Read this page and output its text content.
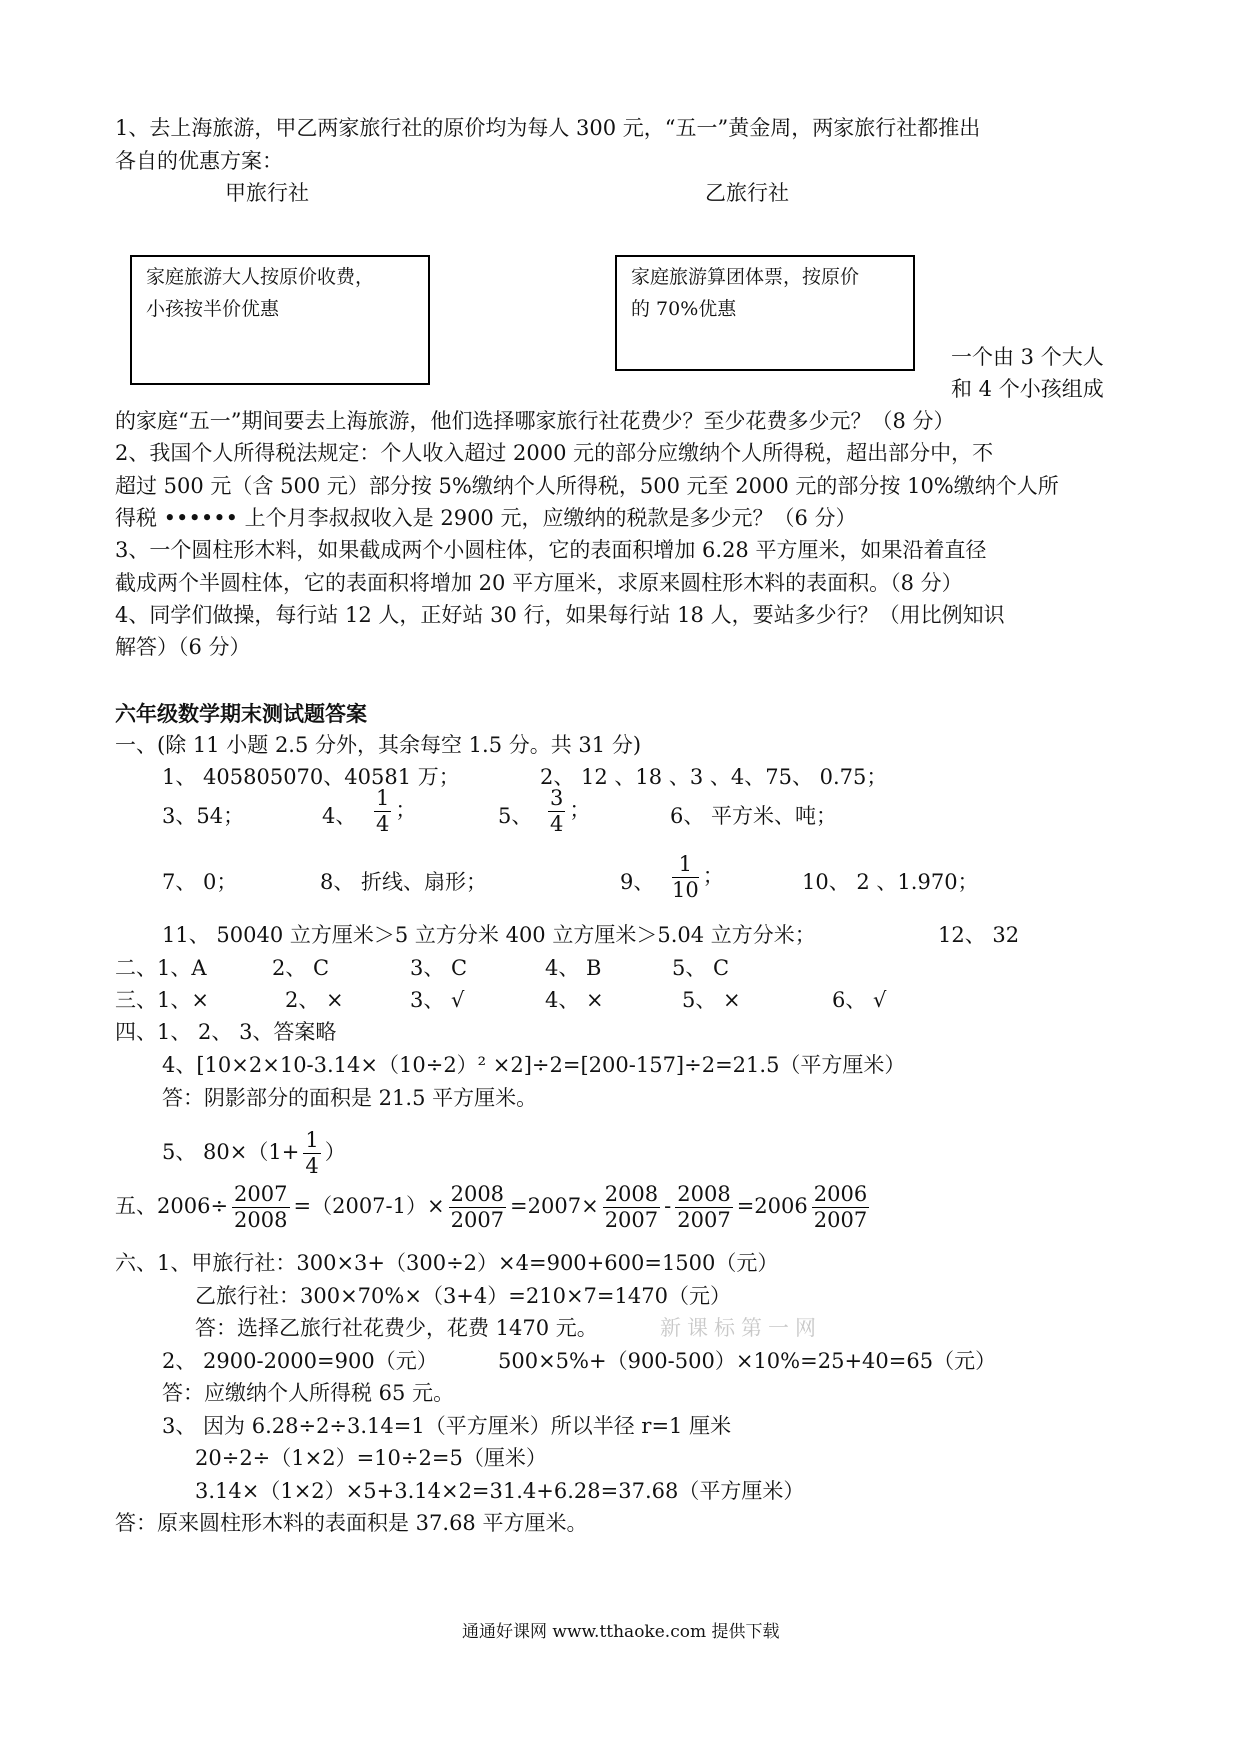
1、去上海旅游，甲乙两家旅行社的原价均为每人 300 元，“五一”黄金周，两家旅行社都推出
各自的优惠方案：
甲旅行社	乙旅行社
家庭旅游大人按原价收费，
小孩按半价优惠
家庭旅游算团体票，按原价
的 70%优惠
一个由 3 个大人
和 4 个小孩组成
的家庭“五一”期间要去上海旅游，他们选择哪家旅行社花费少？至少花费多少元？（8 分）
2、我国个人所得税法规定：个人收入超过 2000 元的部分应缴纳个人所得税，超出部分中，不
超过 500 元（含 500 元）部分按 5%缴纳个人所得税，500 元至 2000 元的部分按 10%缴纳个人所
得税 •••••• 上个月李叔叔收入是 2900 元，应缴纳的税款是多少元？（6 分）
3、一个圆柱形木料，如果截成两个小圆柱体，它的表面积增加 6.28 平方厘米，如果沿着直径
截成两个半圆柱体，它的表面积将增加 20 平方厘米，求原来圆柱形木料的表面积。（8 分）
4、同学们做操，每行站 12 人，正好站 30 行，如果每行站 18 人，要站多少行？（用比例知识
解答）（6 分）
六年级数学期末测试题答案
一、(除 11 小题 2.5 分外，其余每空 1.5 分。共 31 分)
1、 405805070、40581 万；	2、 12 、18 、3 、4、75、 0.75；
3、54；	4、 $\frac{1}{4}$ ；	5、 $\frac{3}{4}$ ；	6、 平方米、吨；
7、 0；	8、 折线、扇形；	9、 $\frac{1}{10}$ ；	10、 2 、1.970；
11、 50040 立方厘米＞5 立方分米 400 立方厘米＞5.04 立方分米；	12、 32
二、1、A	2、 C	3、 C	4、 B	5、 C
三、1、×	2、 ×	3、 √	4、 ×	5、 ×	6、 √
四、1、 2、 3、答案略
4、[10×2×10-3.14×（10÷2）² ×2]÷2=[200-157]÷2=21.5（平方厘米）
答：阴影部分的面积是 21.5 平方厘米。
5、 $80\times(1+ \frac{1}{4}$ ）
五、$2006\div \frac{2007}{2008} =(2007-1)\times \frac{2008}{2007} =2007\times \frac{2008}{2007} - \frac{2008}{2007} =2006 \frac{2006}{2007}$
六、1、甲旅行社：300×3+（300÷2）×4=900+600=1500（元）
乙旅行社：300×70%×（3+4）=210×7=1470（元）
答：选择乙旅行社花费少，花费 1470 元。	新课标第一网
2、 2900-2000=900（元）	500×5%+（900-500）×10%=25+40=65（元）
答：应缴纳个人所得税 65 元。
3、 因为 6.28÷2÷3.14=1（平方厘米）所以半径 r=1 厘米
20÷2÷（1×2）=10÷2=5（厘米）
3.14×（1×2）×5+3.14×2=31.4+6.28=37.68（平方厘米）
答：原来圆柱形木料的表面积是 37.68 平方厘米。
通通好课网 www.tthaoke.com 提供下载
